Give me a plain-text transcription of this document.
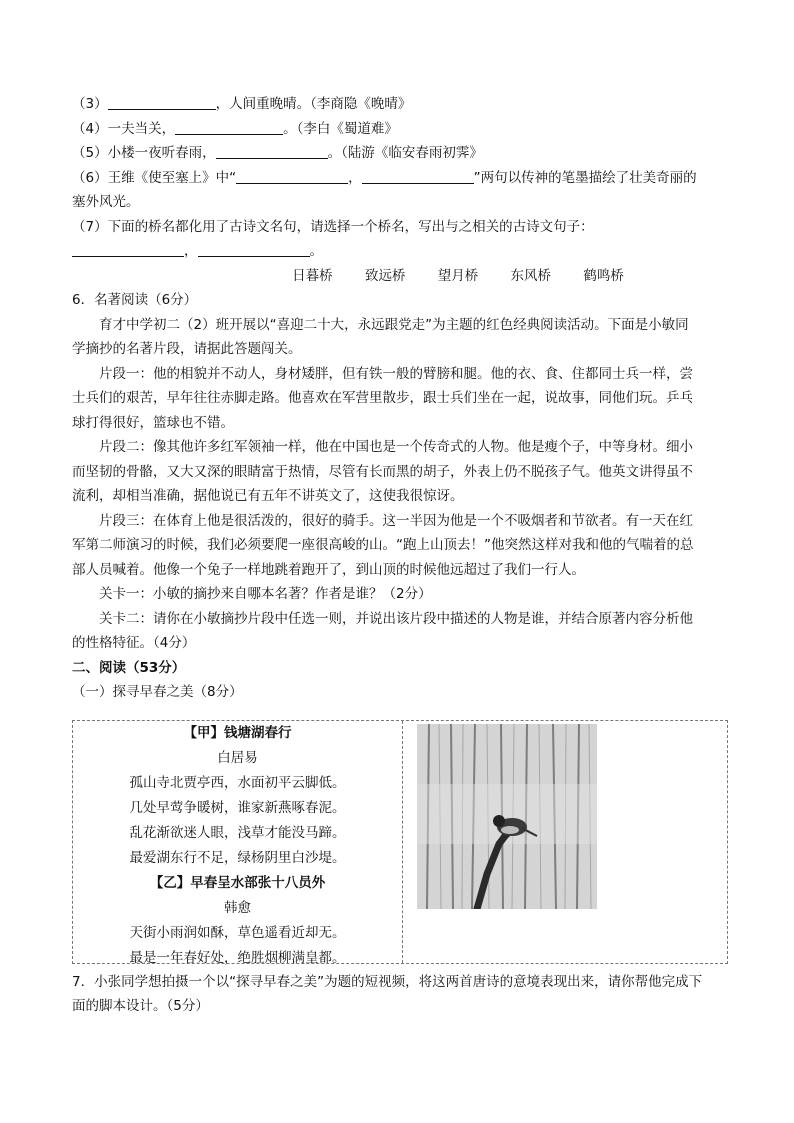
（3）	，人间重晚晴。（李商隐《晚晴》
（4）一夫当关，	。（李白《蜀道难》
（5）小楼一夜听春雨，	。（陆游《临安春雨初霁》
（6）王维《使至塞上》中“	，	”两句以传神的笔墨描绘了壮美奇丽的
塞外风光。
（7）下面的桥名都化用了古诗文名句，请选择一个桥名，写出与之相关的古诗文句子：
，	。
日暮桥 致远桥 望月桥 东风桥 鹤鸣桥
6．名著阅读（6分）
育才中学初二（2）班开展以“喜迎二十大，永远跟党走”为主题的红色经典阅读活动。下面是小敏同
学摘抄的名著片段，请据此答题闯关。
片段一：他的相貌并不动人，身材矮胖，但有铁一般的臂膀和腿。他的衣、食、住都同士兵一样，尝
士兵们的艰苦，早年往往赤脚走路。他喜欢在军营里散步，跟士兵们坐在一起，说故事，同他们玩。乒乓
球打得很好，篮球也不错。
片段二：像其他许多红军领袖一样，他在中国也是一个传奇式的人物。他是瘦个子，中等身材。细小
而坚韧的骨骼，又大又深的眼睛富于热情，尽管有长而黑的胡子，外表上仍不脱孩子气。他英文讲得虽不
流利，却相当准确，据他说已有五年不讲英文了，这使我很惊讶。
片段三：在体育上他是很活泼的，很好的骑手。这一半因为他是一个不吸烟者和节欲者。有一天在红
军第二师演习的时候，我们必须要爬一座很高峻的山。“跑上山顶去！”他突然这样对我和他的气喘着的总
部人员喊着。他像一个兔子一样地跳着跑开了，到山顶的时候他远超过了我们一行人。
关卡一：小敏的摘抄来自哪本名著？作者是谁？（2分）
关卡二：请你在小敏摘抄片段中任选一则，并说出该片段中描述的人物是谁，并结合原著内容分析他
的性格特征。（4分）
二、阅读（53分）
（一）探寻早春之美（8分）
【甲】钱塘湖春行
白居易
孤山寺北贾亭西，水面初平云脚低。
几处早莺争暖树，谁家新燕啄春泥。
乱花渐欲迷人眼，浅草才能没马蹄。
最爱湖东行不足，绿杨阴里白沙堤。
【乙】早春呈水部张十八员外
韩愈
天街小雨润如酥，草色遥看近却无。
最是一年春好处，绝胜烟柳满皇都。
7．小张同学想拍摄一个以“探寻早春之美”为题的短视频，将这两首唐诗的意境表现出来，请你帮他完成下
面的脚本设计。（5分）
